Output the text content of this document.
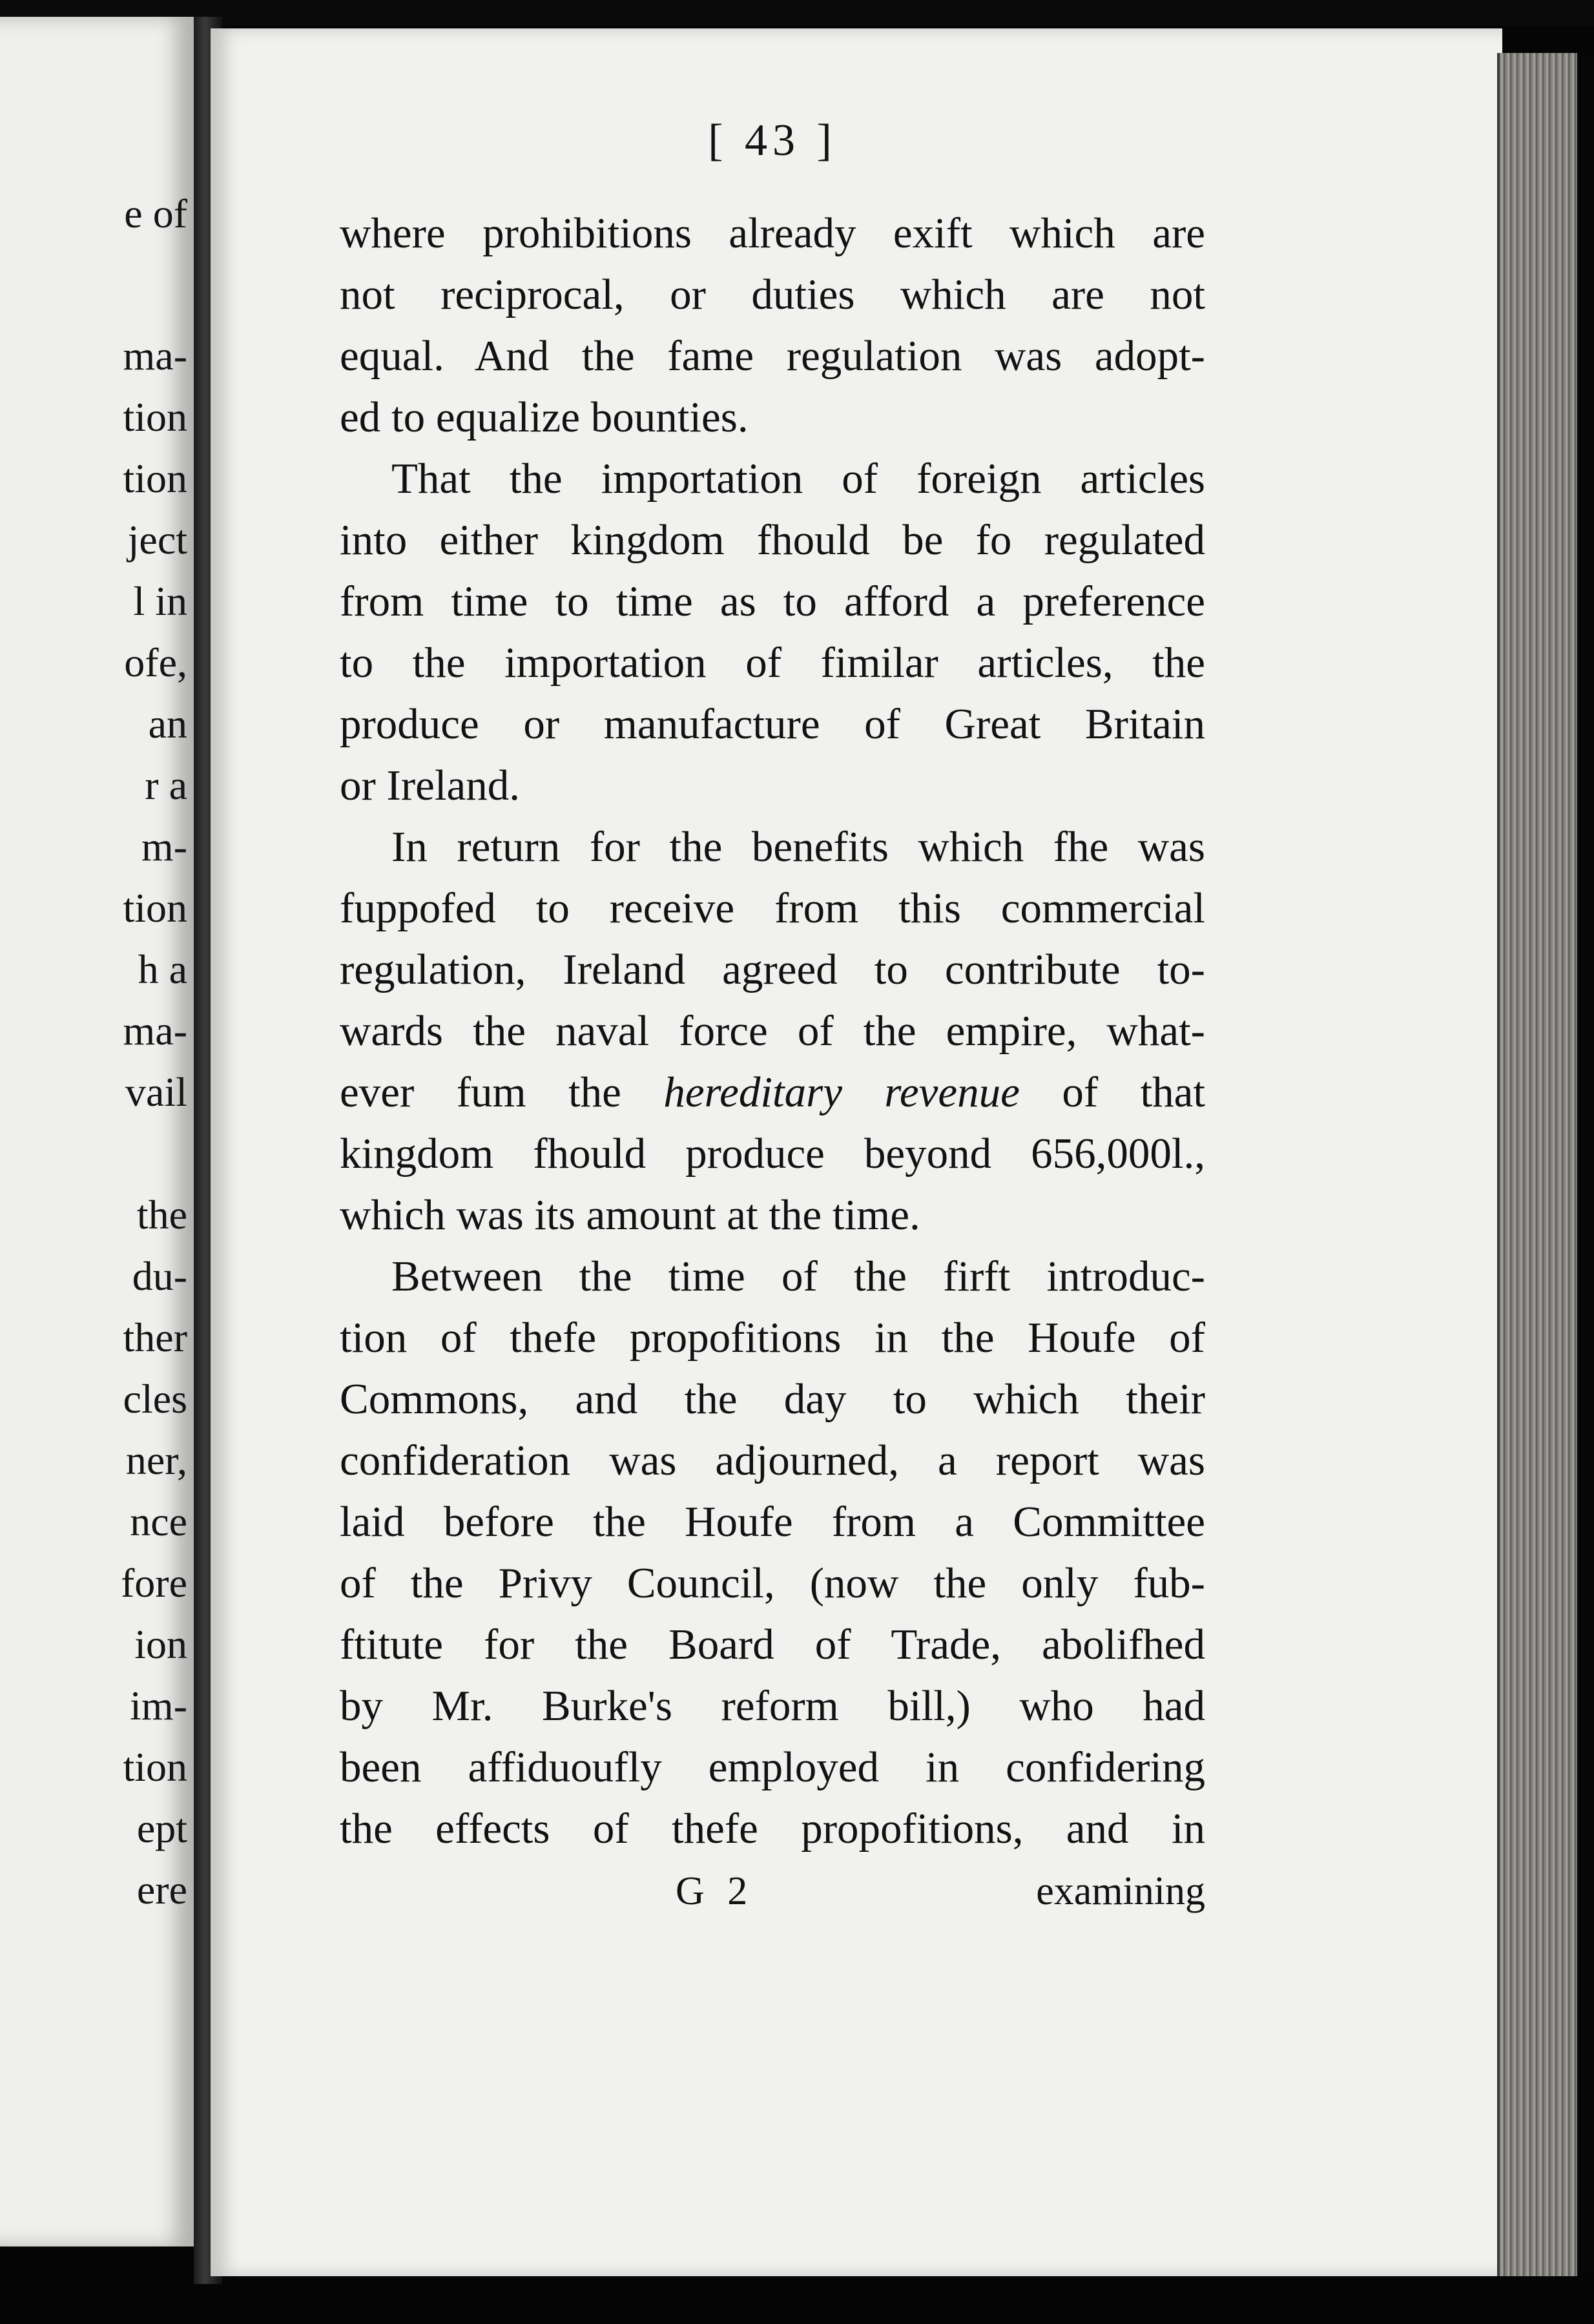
e of
ma-
tion
tion
ject
l in
ofe,
an
r a
m-
tion
h a
ma-
vail
the
du-
ther
cles
ner,
nce
fore
ion
im-
tion
ept
ere
[ 43 ]
where prohibitions already exift which are
not reciprocal, or duties which are not
equal. And the fame regulation was adopt-
ed to equalize bounties.
That the importation of foreign articles
into either kingdom fhould be fo regulated
from time to time as to afford a preference
to the importation of fimilar articles, the
produce or manufacture of Great Britain
or Ireland.
In return for the benefits which fhe was
fuppofed to receive from this commercial
regulation, Ireland agreed to contribute to-
wards the naval force of the empire, what-
ever fum the hereditary revenue of that
kingdom fhould produce beyond 656,000l.,
which was its amount at the time.
Between the time of the firft introduc-
tion of thefe propofitions in the Houfe of
Commons, and the day to which their
confideration was adjourned, a report was
laid before the Houfe from a Committee
of the Privy Council, (now the only fub-
ftitute for the Board of Trade, abolifhed
by Mr. Burke's reform bill,) who had
been affiduoufly employed in confidering
the effects of thefe propofitions, and in
G 2	examining
